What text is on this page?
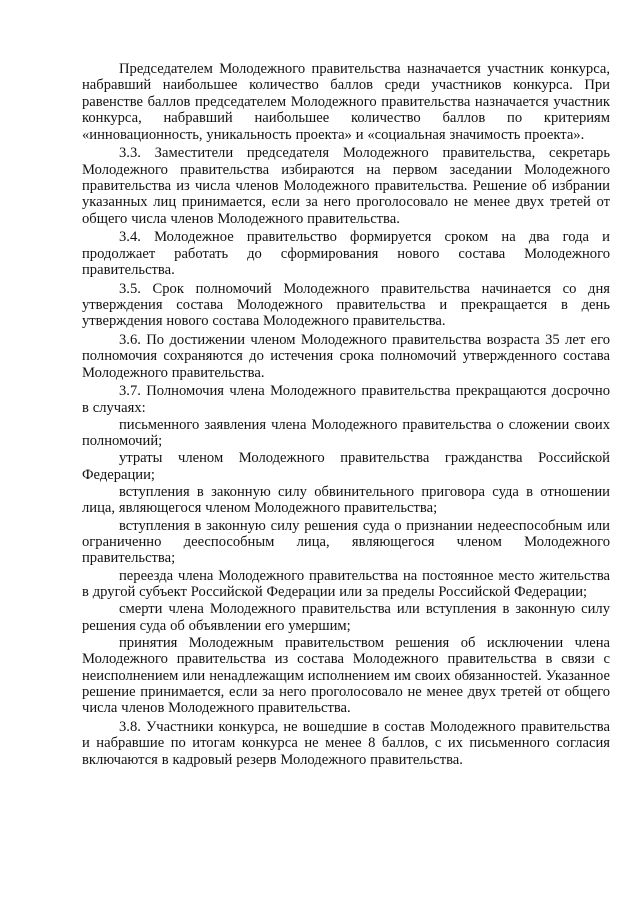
Председателем Молодежного правительства назначается участник конкурса, набравший наибольшее количество баллов среди участников конкурса. При равенстве баллов председателем Молодежного правительства назначается участник конкурса, набравший наибольшее количество баллов по критериям «инновационность, уникальность проекта» и «социальная значимость проекта».

3.3. Заместители председателя Молодежного правительства, секретарь Молодежного правительства избираются на первом заседании Молодежного правительства из числа членов Молодежного правительства. Решение об избрании указанных лиц принимается, если за него проголосовало не менее двух третей от общего числа членов Молодежного правительства.

3.4. Молодежное правительство формируется сроком на два года и продолжает работать до сформирования нового состава Молодежного правительства.

3.5. Срок полномочий Молодежного правительства начинается со дня утверждения состава Молодежного правительства и прекращается в день утверждения нового состава Молодежного правительства.

3.6. По достижении членом Молодежного правительства возраста 35 лет его полномочия сохраняются до истечения срока полномочий утвержденного состава Молодежного правительства.

3.7. Полномочия члена Молодежного правительства прекращаются досрочно в случаях:

письменного заявления члена Молодежного правительства о сложении своих полномочий;

утраты членом Молодежного правительства гражданства Российской Федерации;

вступления в законную силу обвинительного приговора суда в отношении лица, являющегося членом Молодежного правительства;

вступления в законную силу решения суда о признании недееспособным или ограниченно дееспособным лица, являющегося членом Молодежного правительства;

переезда члена Молодежного правительства на постоянное место жительства в другой субъект Российской Федерации или за пределы Российской Федерации;

смерти члена Молодежного правительства или вступления в законную силу решения суда об объявлении его умершим;

принятия Молодежным правительством решения об исключении члена Молодежного правительства из состава Молодежного правительства в связи с неисполнением или ненадлежащим исполнением им своих обязанностей. Указанное решение принимается, если за него проголосовало не менее двух третей от общего числа членов Молодежного правительства.

3.8. Участники конкурса, не вошедшие в состав Молодежного правительства и набравшие по итогам конкурса не менее 8 баллов, с их письменного согласия включаются в кадровый резерв Молодежного правительства.
